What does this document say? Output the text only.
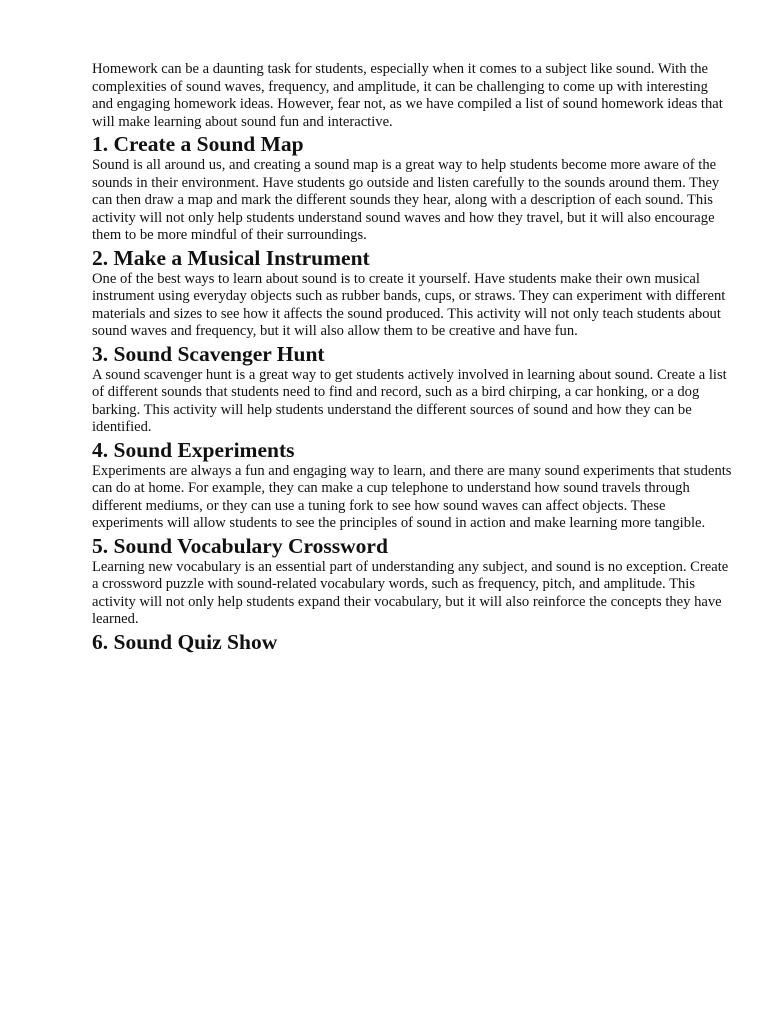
Homework can be a daunting task for students, especially when it comes to a subject like sound. With the complexities of sound waves, frequency, and amplitude, it can be challenging to come up with interesting and engaging homework ideas. However, fear not, as we have compiled a list of sound homework ideas that will make learning about sound fun and interactive.

1. Create a Sound Map

Sound is all around us, and creating a sound map is a great way to help students become more aware of the sounds in their environment. Have students go outside and listen carefully to the sounds around them. They can then draw a map and mark the different sounds they hear, along with a description of each sound. This activity will not only help students understand sound waves and how they travel, but it will also encourage them to be more mindful of their surroundings.

2. Make a Musical Instrument

One of the best ways to learn about sound is to create it yourself. Have students make their own musical instrument using everyday objects such as rubber bands, cups, or straws. They can experiment with different materials and sizes to see how it affects the sound produced. This activity will not only teach students about sound waves and frequency, but it will also allow them to be creative and have fun.

3. Sound Scavenger Hunt

A sound scavenger hunt is a great way to get students actively involved in learning about sound. Create a list of different sounds that students need to find and record, such as a bird chirping, a car honking, or a dog barking. This activity will help students understand the different sources of sound and how they can be identified.

4. Sound Experiments

Experiments are always a fun and engaging way to learn, and there are many sound experiments that students can do at home. For example, they can make a cup telephone to understand how sound travels through different mediums, or they can use a tuning fork to see how sound waves can affect objects. These experiments will allow students to see the principles of sound in action and make learning more tangible.

5. Sound Vocabulary Crossword

Learning new vocabulary is an essential part of understanding any subject, and sound is no exception. Create a crossword puzzle with sound-related vocabulary words, such as frequency, pitch, and amplitude. This activity will not only help students expand their vocabulary, but it will also reinforce the concepts they have learned.

6. Sound Quiz Show
